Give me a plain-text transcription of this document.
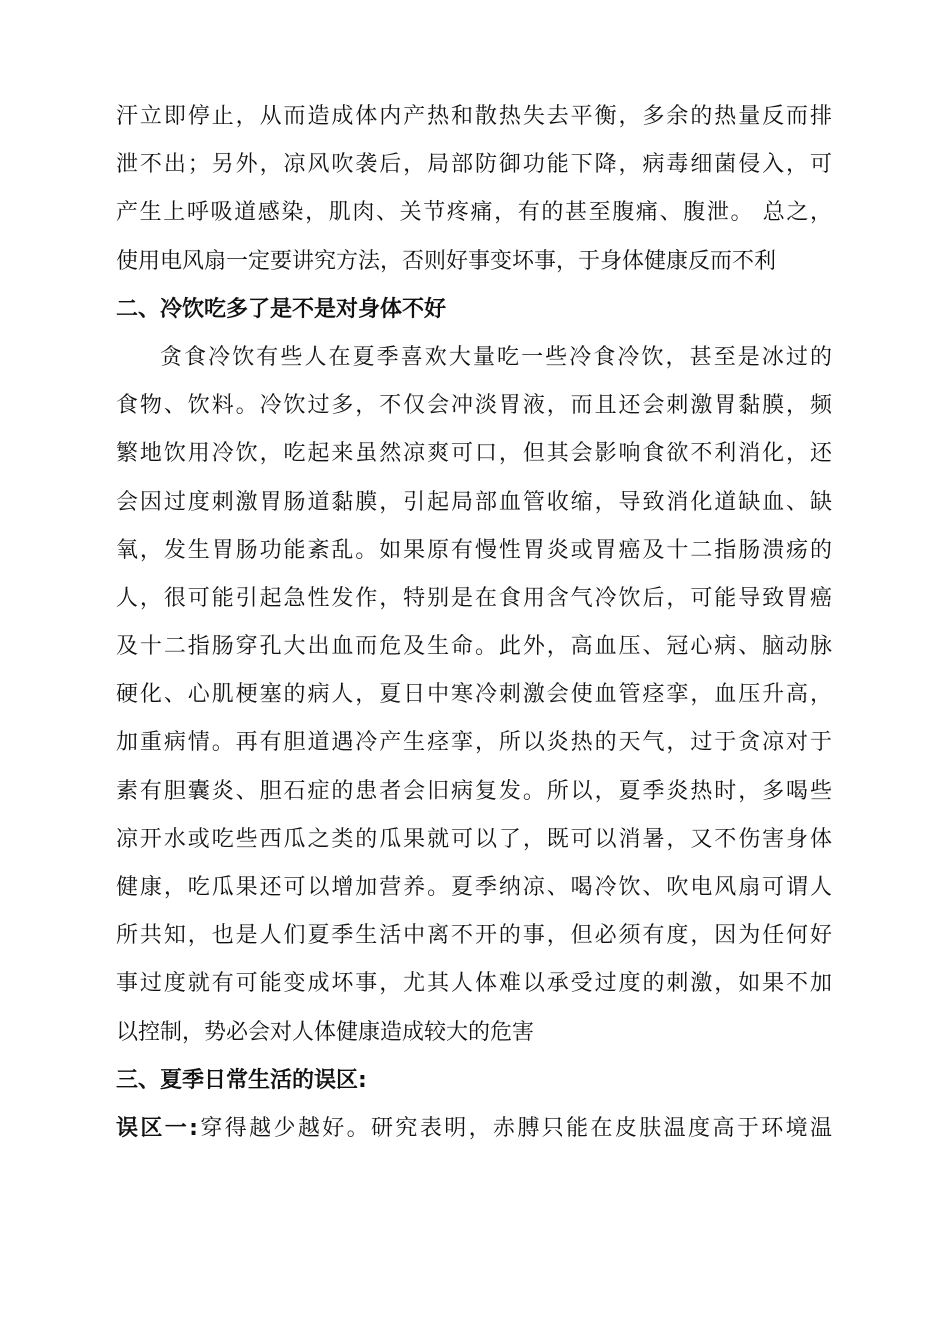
汗立即停止，从而造成体内产热和散热失去平衡，多余的热量反而排
泄不出；另外，凉风吹袭后，局部防御功能下降，病毒细菌侵入，可
产生上呼吸道感染，肌肉、关节疼痛，有的甚至腹痛、腹泄。 总之，
使用电风扇一定要讲究方法，否则好事变坏事，于身体健康反而不利
二、冷饮吃多了是不是对身体不好
贪食冷饮有些人在夏季喜欢大量吃一些冷食冷饮，甚至是冰过的
食物、饮料。冷饮过多，不仅会冲淡胃液，而且还会刺激胃黏膜，频
繁地饮用冷饮，吃起来虽然凉爽可口，但其会影响食欲不利消化，还
会因过度刺激胃肠道黏膜，引起局部血管收缩，导致消化道缺血、缺
氧，发生胃肠功能紊乱。如果原有慢性胃炎或胃癌及十二指肠溃疡的
人，很可能引起急性发作，特别是在食用含气冷饮后，可能导致胃癌
及十二指肠穿孔大出血而危及生命。此外，高血压、冠心病、脑动脉
硬化、心肌梗塞的病人，夏日中寒冷刺激会使血管痉挛，血压升高，
加重病情。再有胆道遇冷产生痉挛，所以炎热的天气，过于贪凉对于
素有胆囊炎、胆石症的患者会旧病复发。所以，夏季炎热时，多喝些
凉开水或吃些西瓜之类的瓜果就可以了，既可以消暑，又不伤害身体
健康，吃瓜果还可以增加营养。夏季纳凉、喝冷饮、吹电风扇可谓人
所共知，也是人们夏季生活中离不开的事，但必须有度，因为任何好
事过度就有可能变成坏事，尤其人体难以承受过度的刺激，如果不加
以控制，势必会对人体健康造成较大的危害
三、夏季日常生活的误区:
误区一:穿得越少越好。研究表明，赤膊只能在皮肤温度高于环境温
